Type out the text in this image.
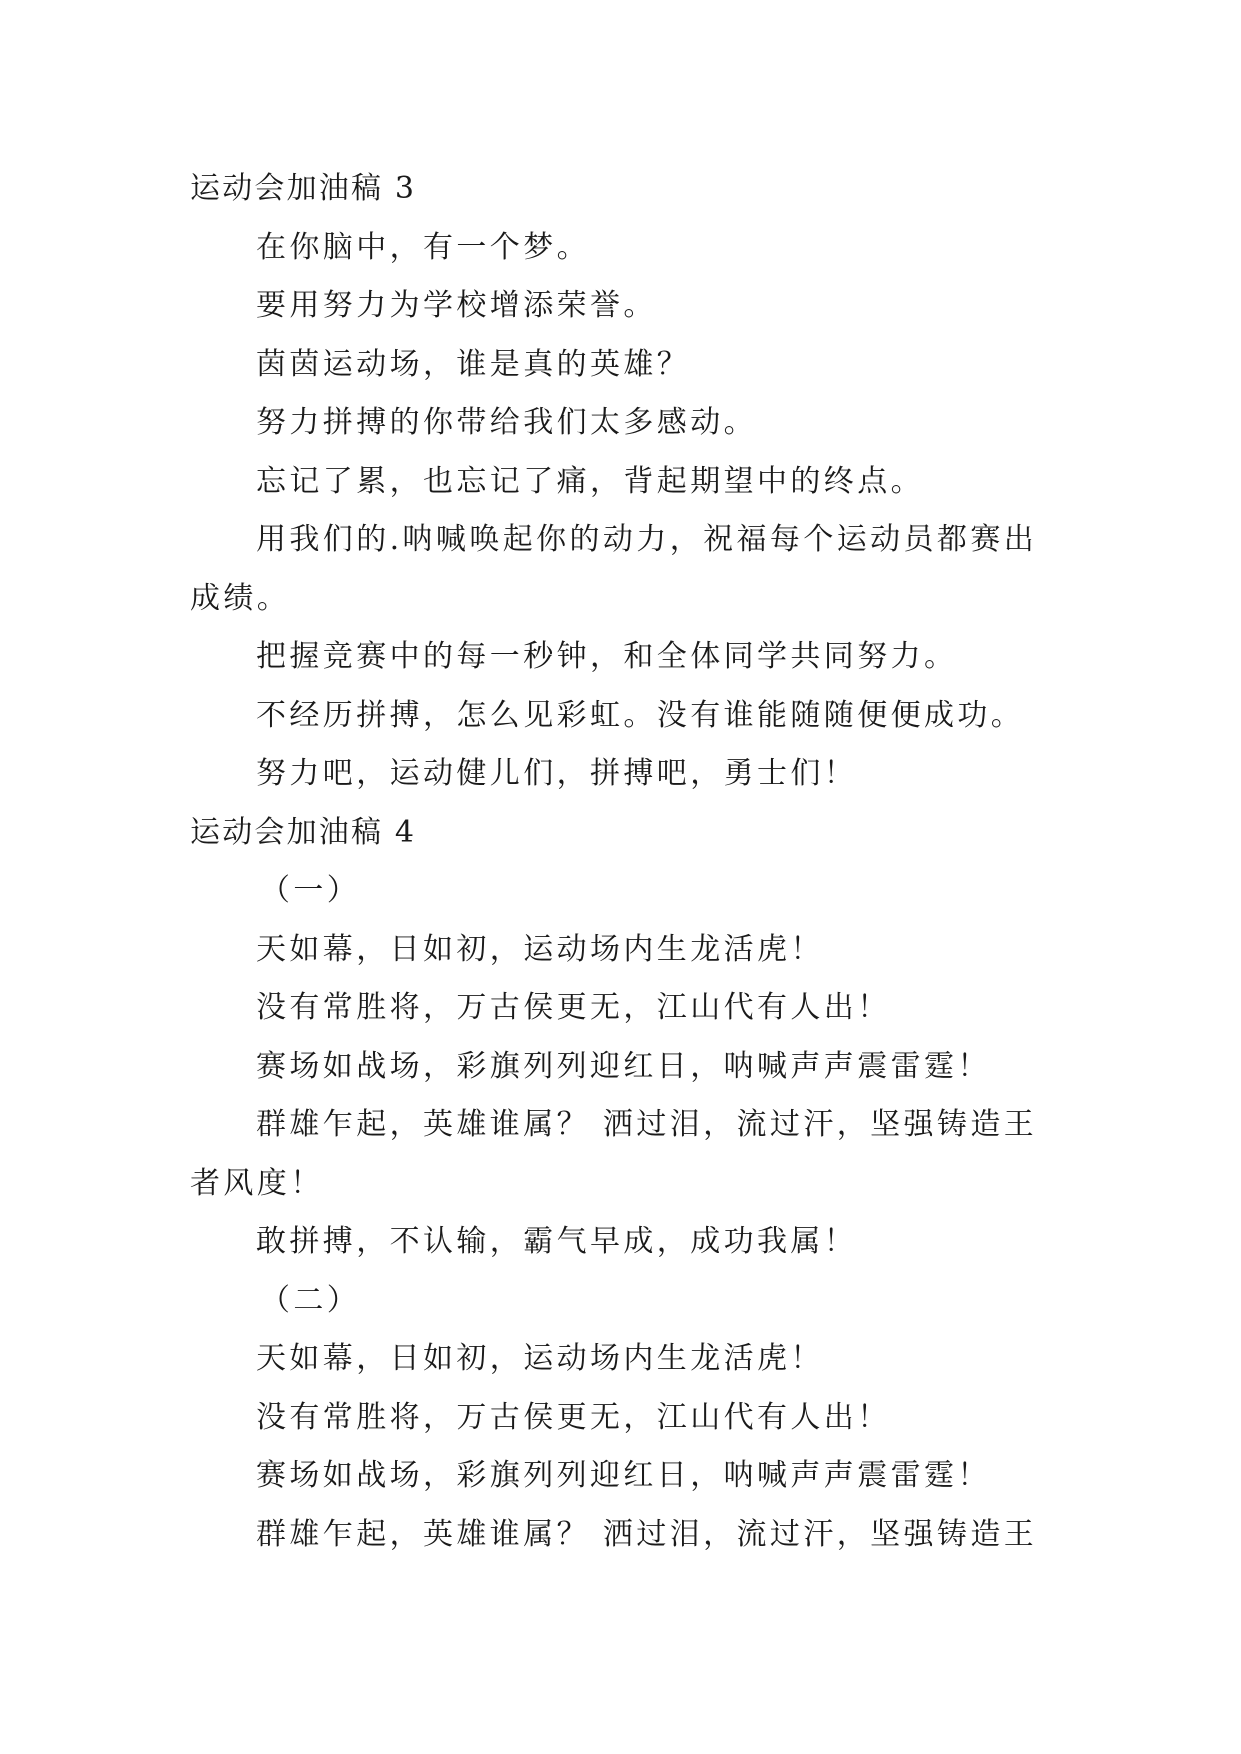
运动会加油稿 3

在你脑中，有一个梦。

要用努力为学校增添荣誉。

茵茵运动场，谁是真的英雄？

努力拼搏的你带给我们太多感动。

忘记了累，也忘记了痛，背起期望中的终点。

用我们的.呐喊唤起你的动力，祝福每个运动员都赛出成绩。

把握竞赛中的每一秒钟，和全体同学共同努力。

不经历拼搏，怎么见彩虹。没有谁能随随便便成功。

努力吧，运动健儿们，拼搏吧，勇士们！

运动会加油稿 4

（一）

天如幕，日如初，运动场内生龙活虎！

没有常胜将，万古侯更无，江山代有人出！

赛场如战场，彩旗列列迎红日，呐喊声声震雷霆！

群雄乍起，英雄谁属？ 洒过泪，流过汗，坚强铸造王者风度！

敢拼搏，不认输，霸气早成，成功我属！

（二）

天如幕，日如初，运动场内生龙活虎！

没有常胜将，万古侯更无，江山代有人出！

赛场如战场，彩旗列列迎红日，呐喊声声震雷霆！

群雄乍起，英雄谁属？ 洒过泪，流过汗，坚强铸造王
